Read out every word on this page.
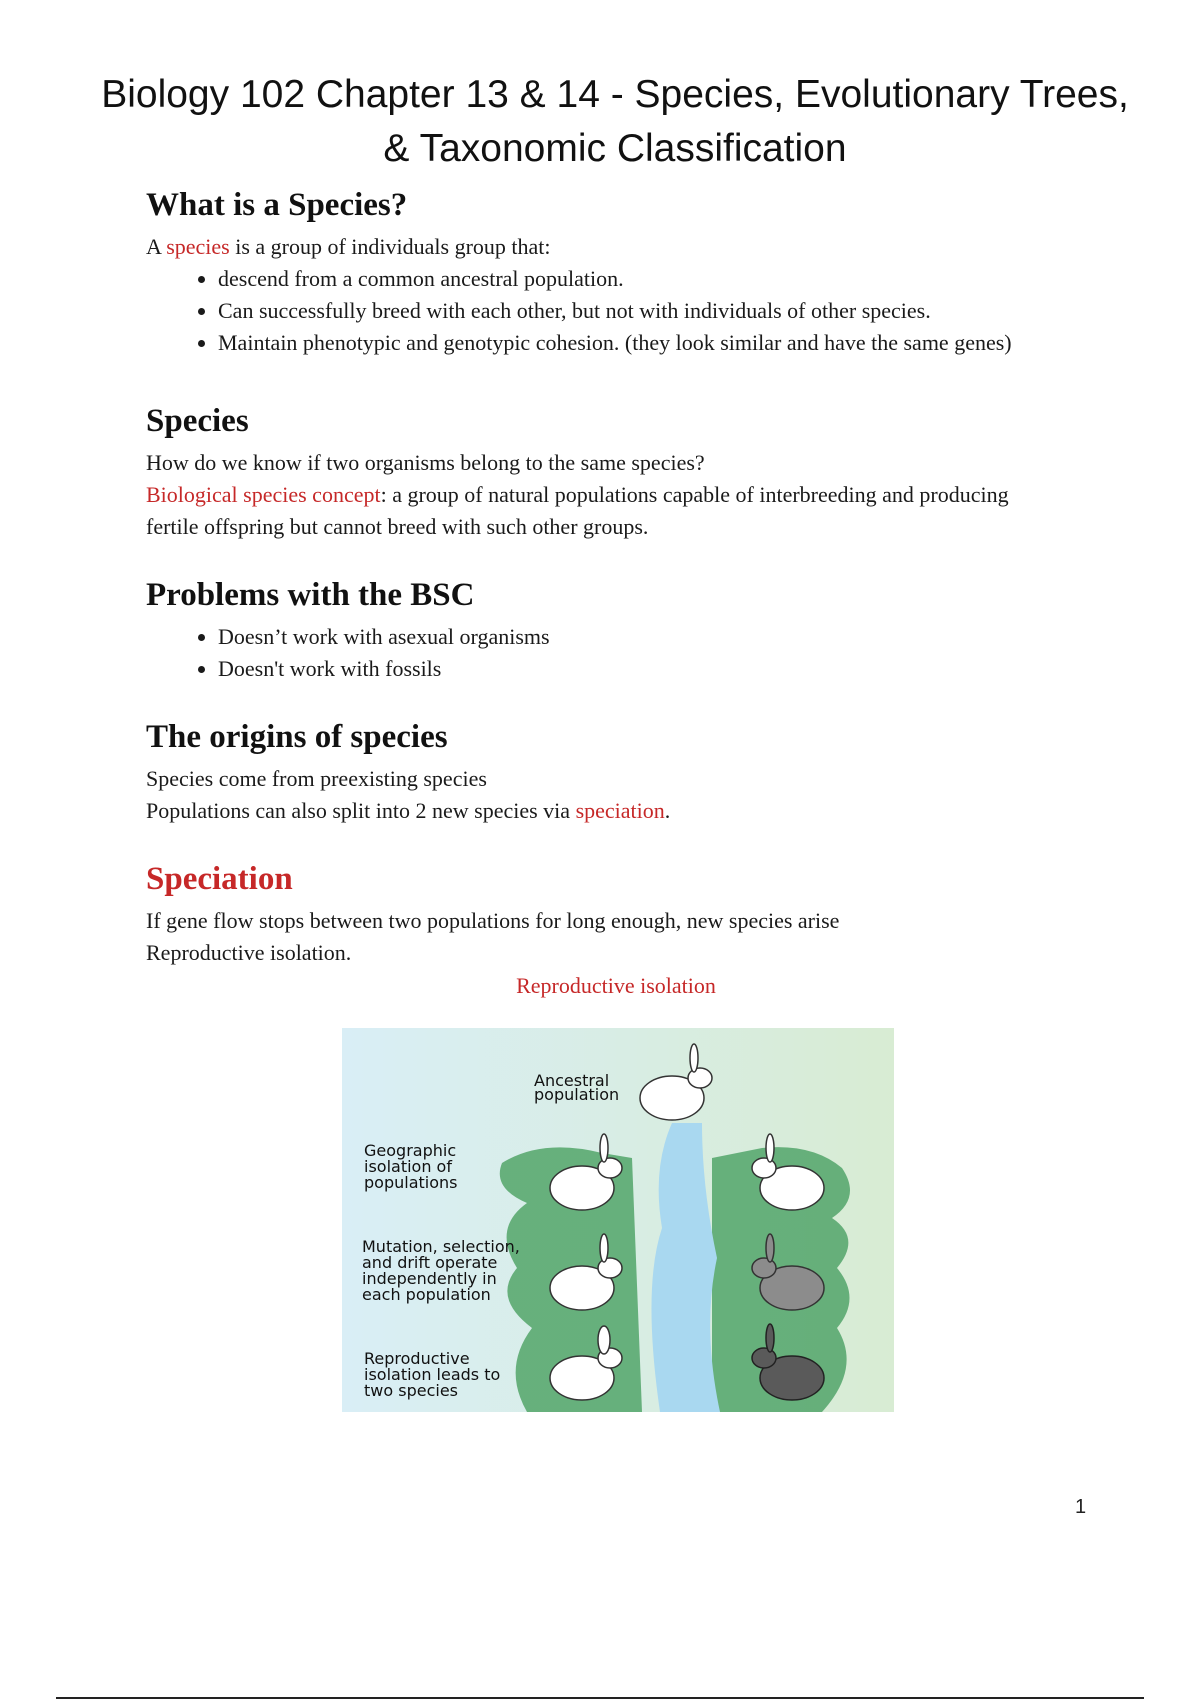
Biology 102 Chapter 13 & 14 - Species, Evolutionary Trees,
& Taxonomic Classification
What is a Species?

A species is a group of individuals group that:

• descend from a common ancestral population.
• Can successfully breed with each other, but not with individuals of other species.
• Maintain phenotypic and genotypic cohesion. (they look similar and have the same genes)
Species

How do we know if two organisms belong to the same species?

Biological species concept: a group of natural populations capable of interbreeding and producing fertile offspring but cannot breed with such other groups.

Problems with the BSC
• Doesn’t work with asexual organisms
• Doesn't work with fossils
The origins of species

Species come from preexisting species

Populations can also split into 2 new species via speciation.

Speciation

If gene flow stops between two populations for long enough, new species arise

Reproductive isolation.

Reproductive isolation
Ancestral population
Geographic isolation of populations
Mutation, selection, and drift operate independently in each population
Reproductive isolation leads to two species
1
